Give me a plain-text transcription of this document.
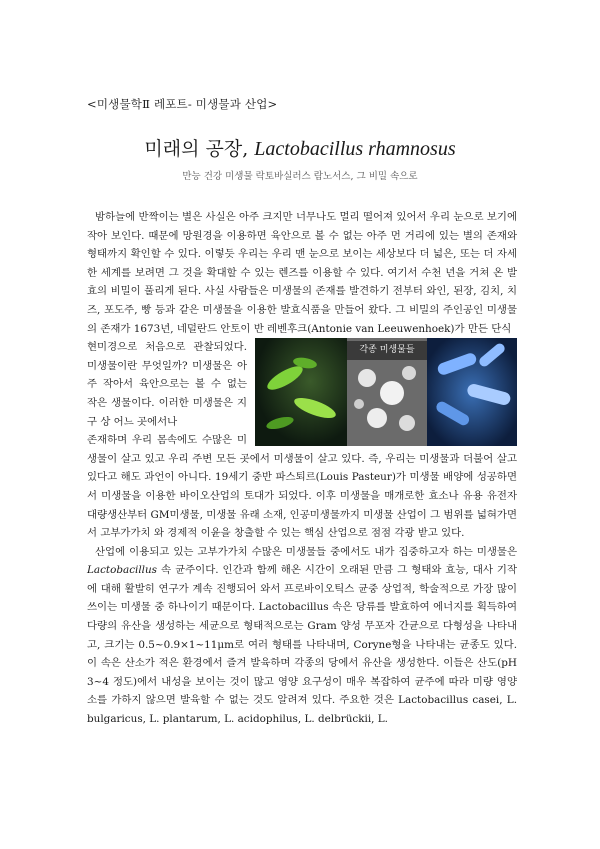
<미생물학Ⅱ 레포트- 미생물과 산업>
미래의 공장, Lactobacillus rhamnosus
만능 건강 미생물 락토바실러스 람노서스, 그 비밀 속으로

밤하늘에 반짝이는 별은 사실은 아주 크지만 너무나도 멀리 떨어져 있어서 우리 눈으로 보기에 작아 보인다. 때문에 망원경을 이용하면 육안으로 볼 수 없는 아주 먼 거리에 있는 별의 존재와 형태까지 확인할 수 있다. 이렇듯 우리는 우리 맨 눈으로 보이는 세상보다 더 넓은, 또는 더 자세한 세계를 보려면 그 것을 확대할 수 있는 렌즈를 이용할 수 있다. 여기서 수천 년을 거쳐 온 발효의 비밀이 풀리게 된다. 사실 사람들은 미생물의 존재를 발견하기 전부터 와인, 된장, 김치, 치즈, 포도주, 빵 등과 같은 미생물을 이용한 발효식품을 만들어 왔다. 그 비밀의 주인공인 미생물의 존재가 1673년, 네덜란드 안토이 반 레벤후크(Antonie van Leeuwenhoek)가 만든 단식

각종 미생물들

현미경으로 처음으로 관찰되었다. 미생물이란 무엇일까? 미생물은 아주 작아서 육안으로는 볼 수 없는 작은 생물이다. 이러한 미생물은 지구 상 어느 곳에서나

존재하며 우리 몸속에도 수많은 미생물이 살고 있고 우리 주변 모든 곳에서 미생물이 살고 있다. 즉, 우리는 미생물과 더불어 살고 있다고 해도 과언이 아니다. 19세기 중반 파스퇴르(Louis Pasteur)가 미생물 배양에 성공하면서 미생물을 이용한 바이오산업의 토대가 되었다. 이후 미생물을 매개로한 효소나 유용 유전자 대량생산부터 GM미생물, 미생물 유래 소재, 인공미생물까지 미생물 산업이 그 범위를 넓혀가면서 고부가가치 와 경제적 이윤을 창출할 수 있는 핵심 산업으로 점점 각광 받고 있다.

산업에 이용되고 있는 고부가가치 수많은 미생물들 중에서도 내가 집중하고자 하는 미생물은 Lactobacillus 속 균주이다. 인간과 함께 해온 시간이 오래된 만큼 그 형태와 효능, 대사 기작에 대해 활발히 연구가 계속 진행되어 와서 프로바이오틱스 균중 상업적, 학술적으로 가장 많이 쓰이는 미생물 중 하나이기 때문이다. Lactobacillus 속은 당류를 발효하여 에너지를 획득하여 다량의 유산을 생성하는 세균으로 형태적으로는 Gram 양성 무포자 간균으로 다형성을 나타내고, 크기는 0.5~0.9×1~11μm로 여러 형태를 나타내며, Coryne형을 나타내는 균종도 있다. 이 속은 산소가 적은 환경에서 즐겨 발육하며 각종의 당에서 유산을 생성한다. 이들은 산도(pH 3~4 정도)에서 내성을 보이는 것이 많고 영양 요구성이 매우 복잡하여 균주에 따라 미량 영양소를 가하지 않으면 발육할 수 없는 것도 알려져 있다. 주요한 것은 Lactobacillus casei, L. bulgaricus, L. plantarum, L. acidophilus, L. delbrückii, L.
